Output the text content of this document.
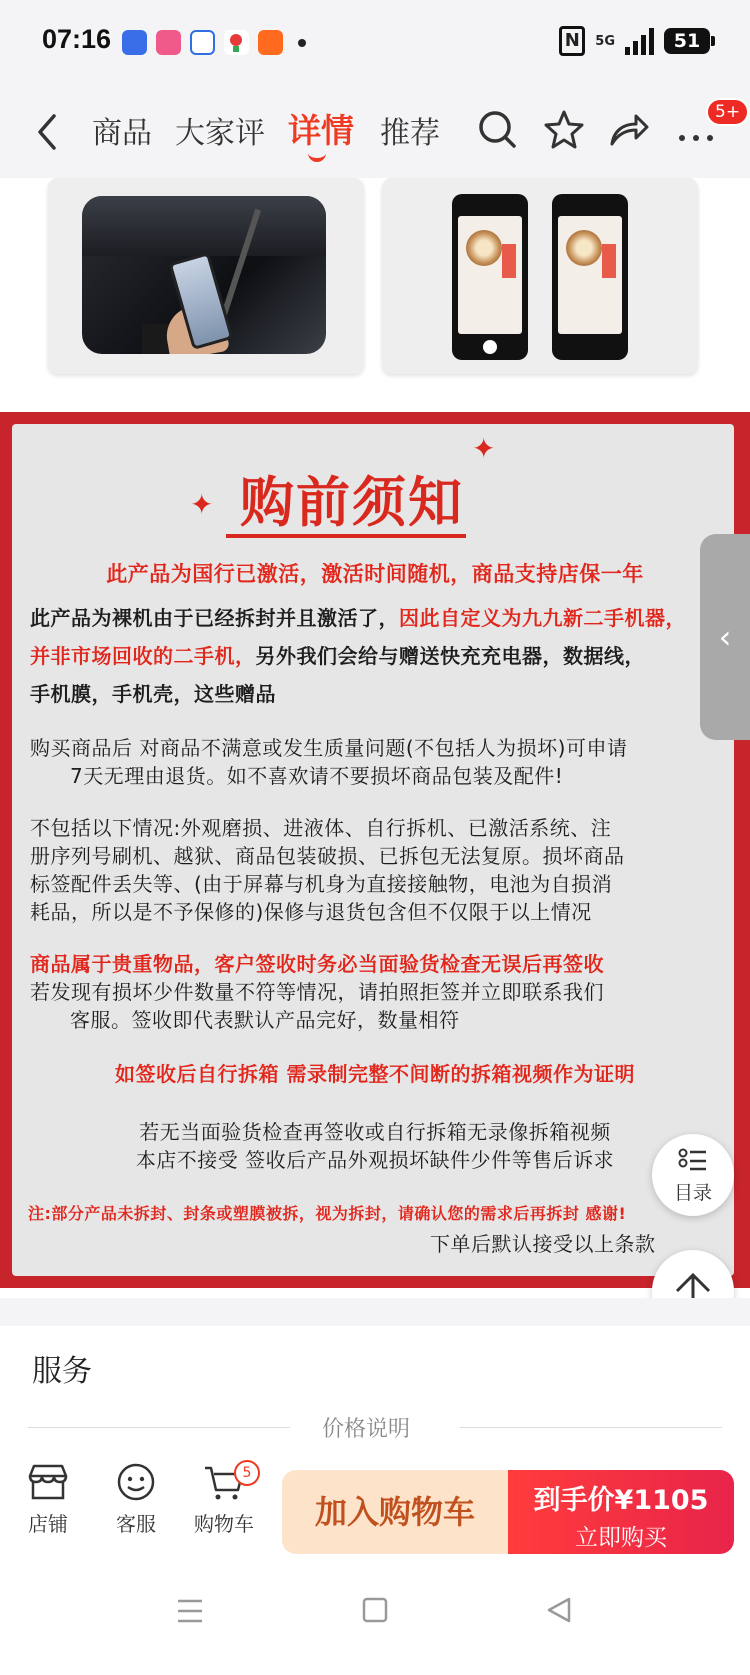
07:16	N	5G	51
商品 大家评 详情 推荐
5+
✦
✦
购前须知
此产品为国行已激活，激活时间随机，商品支持店保一年
此产品为裸机由于已经拆封并且激活了，因此自定义为九九新二手机器，
并非市场回收的二手机，另外我们会给与赠送快充充电器，数据线，
手机膜，手机壳，这些赠品
购买商品后 对商品不满意或发生质量问题(不包括人为损坏)可申请
7天无理由退货。如不喜欢请不要损坏商品包装及配件!
不包括以下情况:外观磨损、进液体、自行拆机、已激活系统、注
册序列号刷机、越狱、商品包装破损、已拆包无法复原。损坏商品
标签配件丢失等、(由于屏幕与机身为直接接触物，电池为自损消
耗品，所以是不予保修的)保修与退货包含但不仅限于以上情况
商品属于贵重物品，客户签收时务必当面验货检查无误后再签收
若发现有损坏少件数量不符等情况，请拍照拒签并立即联系我们
客服。签收即代表默认产品完好，数量相符
如签收后自行拆箱 需录制完整不间断的拆箱视频作为证明
若无当面验货检查再签收或自行拆箱无录像拆箱视频
本店不接受 签收后产品外观损坏缺件少件等售后诉求
注:部分产品未拆封、封条或塑膜被拆，视为拆封，请确认您的需求后再拆封 感谢!
下单后默认接受以上条款
‹
目录
服务
价格说明
店铺	客服	购物车
5
加入购物车	到手价¥1105
立即购买
